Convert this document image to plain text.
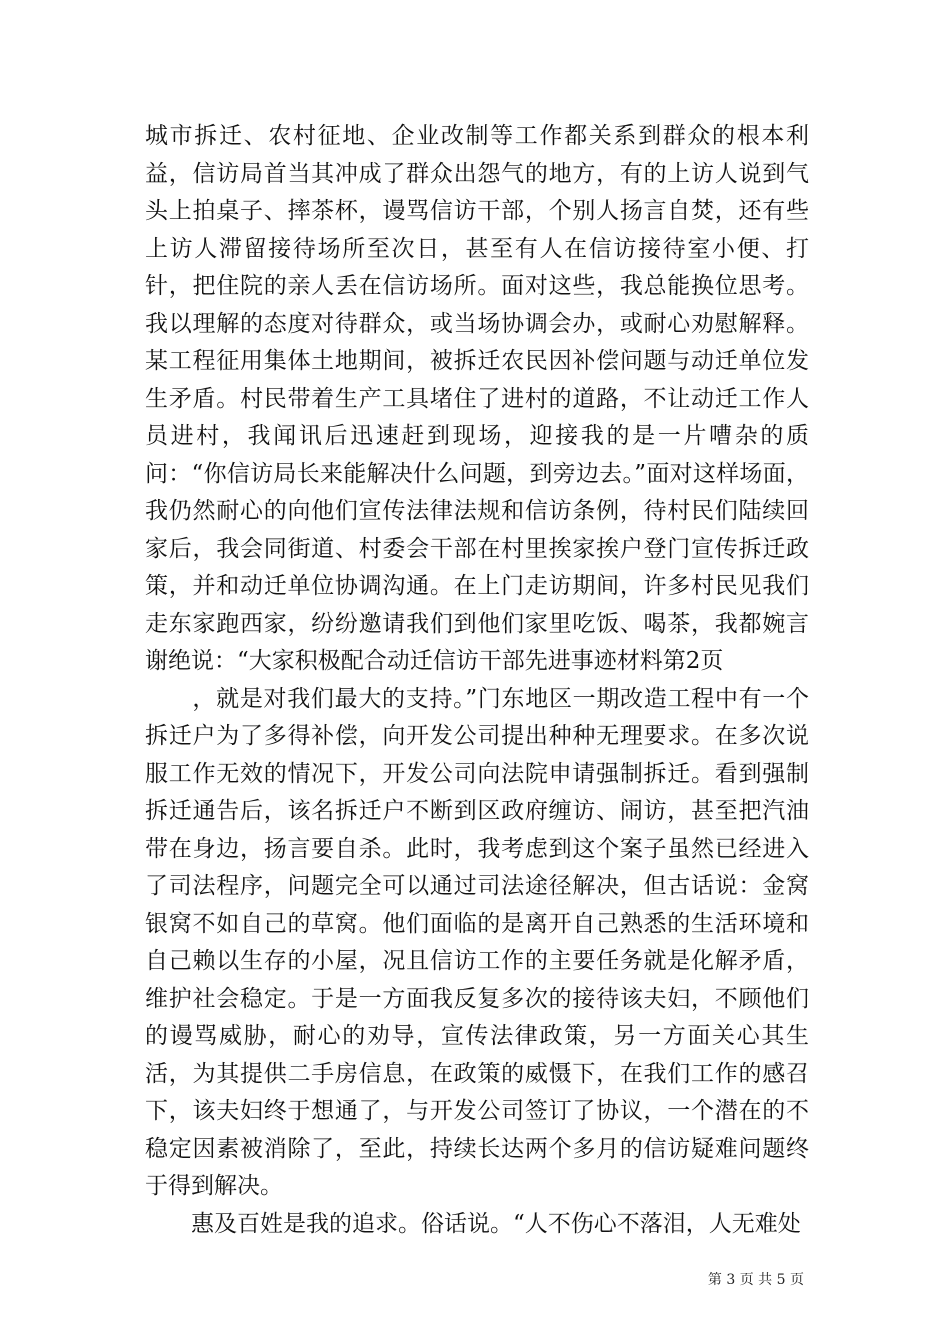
城市拆迁、农村征地、企业改制等工作都关系到群众的根本利益，信访局首当其冲成了群众出怨气的地方，有的上访人说到气头上拍桌子、摔茶杯，谩骂信访干部，个别人扬言自焚，还有些上访人滞留接待场所至次日，甚至有人在信访接待室小便、打针，把住院的亲人丢在信访场所。面对这些，我总能换位思考。我以理解的态度对待群众，或当场协调会办，或耐心劝慰解释。某工程征用集体土地期间，被拆迁农民因补偿问题与动迁单位发生矛盾。村民带着生产工具堵住了进村的道路，不让动迁工作人员进村，我闻讯后迅速赶到现场，迎接我的是一片嘈杂的质问：“你信访局长来能解决什么问题，到旁边去。”面对这样场面，我仍然耐心的向他们宣传法律法规和信访条例，待村民们陆续回家后，我会同街道、村委会干部在村里挨家挨户登门宣传拆迁政策，并和动迁单位协调沟通。在上门走访期间，许多村民见我们走东家跑西家，纷纷邀请我们到他们家里吃饭、喝茶，我都婉言谢绝说：“大家积极配合动迁信访干部先进事迹材料第2页

　　，就是对我们最大的支持。”门东地区一期改造工程中有一个拆迁户为了多得补偿，向开发公司提出种种无理要求。在多次说服工作无效的情况下，开发公司向法院申请强制拆迁。看到强制拆迁通告后，该名拆迁户不断到区政府缠访、闹访，甚至把汽油带在身边，扬言要自杀。此时，我考虑到这个案子虽然已经进入了司法程序，问题完全可以通过司法途径解决，但古话说：金窝银窝不如自己的草窝。他们面临的是离开自己熟悉的生活环境和自己赖以生存的小屋，况且信访工作的主要任务就是化解矛盾，维护社会稳定。于是一方面我反复多次的接待该夫妇，不顾他们的谩骂威胁，耐心的劝导，宣传法律政策，另一方面关心其生活，为其提供二手房信息，在政策的威慑下，在我们工作的感召下，该夫妇终于想通了，与开发公司签订了协议，一个潜在的不稳定因素被消除了，至此，持续长达两个多月的信访疑难问题终于得到解决。

　　惠及百姓是我的追求。俗话说。“人不伤心不落泪，人无难处

第 3 页 共 5 页
